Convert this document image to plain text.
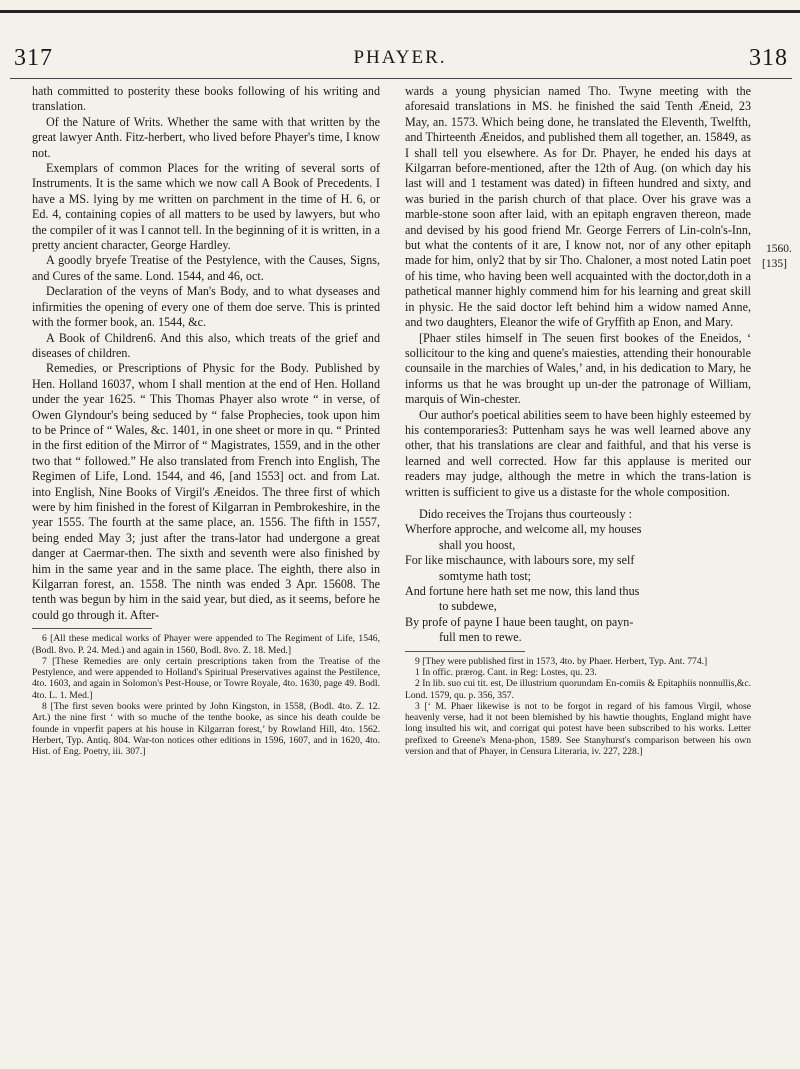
317	PHAYER.	318
1560.
[135]

hath committed to posterity these books following of his writing and translation.

Of the Nature of Writs. Whether the same with that written by the great lawyer Anth. Fitz-herbert, who lived before Phayer's time, I know not.

Exemplars of common Places for the writing of several sorts of Instruments. It is the same which we now call A Book of Precedents. I have a MS. lying by me written on parchment in the time of H. 6, or Ed. 4, containing copies of all matters to be used by lawyers, but who the compiler of it was I cannot tell. In the beginning of it is written, in a pretty ancient character, George Hardley.

A goodly bryefe Treatise of the Pestylence, with the Causes, Signs, and Cures of the same. Lond. 1544, and 46, oct.

Declaration of the veyns of Man's Body, and to what dyseases and infirmities the opening of every one of them doe serve. This is printed with the former book, an. 1544, &c.

A Book of Children6. And this also, which treats of the grief and diseases of children.

Remedies, or Prescriptions of Physic for the Body. Published by Hen. Holland 16037, whom I shall mention at the end of Hen. Holland under the year 1625. “ This Thomas Phayer also wrote “ in verse, of Owen Glyndour's being seduced by “ false Prophecies, took upon him to be Prince of “ Wales, &c. 1401, in one sheet or more in qu. “ Printed in the first edition of the Mirror of “ Magistrates, 1559, and in the other two that “ followed.” He also translated from French into English, The Regimen of Life, Lond. 1544, and 46, [and 1553] oct. and from Lat. into English, Nine Books of Virgil's Æneidos. The three first of which were by him finished in the forest of Kilgarran in Pembrokeshire, in the year 1555. The fourth at the same place, an. 1556. The fifth in 1557, being ended May 3; just after the trans-lator had undergone a great danger at Caermar-then. The sixth and seventh were also finished by him in the same year and in the same place. The eighth, there also in Kilgarran forest, an. 1558. The ninth was ended 3 Apr. 15608. The tenth was begun by him in the said year, but died, as it seems, before he could go through it. After-

6 [All these medical works of Phayer were appended to The Regiment of Life, 1546, (Bodl. 8vo. P. 24. Med.) and again in 1560, Bodl. 8vo. Z. 18. Med.]

7 [These Remedies are only certain prescriptions taken from the Treatise of the Pestylence, and were appended to Holland's Spiritual Preservatives against the Pestilence, 4to. 1603, and again in Solomon's Pest-House, or Towre Royale, 4to. 1630, page 49. Bodl. 4to. L. 1. Med.]

8 [The first seven books were printed by John Kingston, in 1558, (Bodl. 4to. Z. 12. Art.) the nine first ‘ with so muche of the tenthe booke, as since his death coulde be founde in vnperfit papers at his house in Kilgarran forest,’ by Rowland Hill, 4to. 1562. Herbert, Typ. Antiq. 804. War-ton notices other editions in 1596, 1607, and in 1620, 4to. Hist. of Eng. Poetry, iii. 307.]

wards a young physician named Tho. Twyne meeting with the aforesaid translations in MS. he finished the said Tenth Æneid, 23 May, an. 1573. Which being done, he translated the Eleventh, Twelfth, and Thirteenth Æneidos, and published them all together, an. 15849, as I shall tell you elsewhere. As for Dr. Phayer, he ended his days at Kilgarran before-mentioned, after the 12th of Aug. (on which day his last will and 1 testament was dated) in fifteen hundred and sixty, and was buried in the parish church of that place. Over his grave was a marble-stone soon after laid, with an epitaph engraven thereon, made and devised by his good friend Mr. George Ferrers of Lin-coln's-Inn, but what the contents of it are, I know not, nor of any other epitaph made for him, only2 that by sir Tho. Chaloner, a most noted Latin poet of his time, who having been well acquainted with the doctor,doth in a pathetical manner highly commend him for his learning and great skill in physic. He the said doctor left behind him a widow named Anne, and two daughters, Eleanor the wife of Gryffith ap Enon, and Mary.

[Phaer stiles himself in The seuen first bookes of the Eneidos, ‘ sollicitour to the king and quene's maiesties, attending their honourable counsaile in the marchies of Wales,’ and, in his dedication to Mary, he informs us that he was brought up un-der the patronage of William, marquis of Win-chester.

Our author's poetical abilities seem to have been highly esteemed by his contemporaries3: Puttenham says he was well learned above any other, that his translations are clear and faithful, and that his verse is learned and well corrected. How far this applause is merited our readers may judge, although the metre in which the trans-lation is written is sufficient to give us a distaste for the whole composition.

Dido receives the Trojans thus courteously :

Wherfore approche, and welcome all, my houses

shall you hoost,

For like mischaunce, with labours sore, my self

somtyme hath tost;

And fortune here hath set me now, this land thus

to subdewe,

By profe of payne I haue been taught, on payn-

full men to rewe.

9 [They were published first in 1573, 4to. by Phaer. Herbert, Typ. Ant. 774.]

1 In offic. prærog. Cant. in Reg: Lostes, qu. 23.

2 In lib. suo cui tit. est, De illustrium quorundam En-comiis & Epitaphiis nonnullis,&c. Lond. 1579, qu. p. 356, 357.

3 [‘ M. Phaer likewise is not to be forgot in regard of his famous Virgil, whose heavenly verse, had it not been blemished by his hawtie thoughts, England might have long insulted his wit, and corrigat qui potest have been subscribed to his works. Letter prefixed to Greene's Mena-phon, 1589. See Stanyhurst's comparison between his own version and that of Phayer, in Censura Literaria, iv. 227, 228.]
